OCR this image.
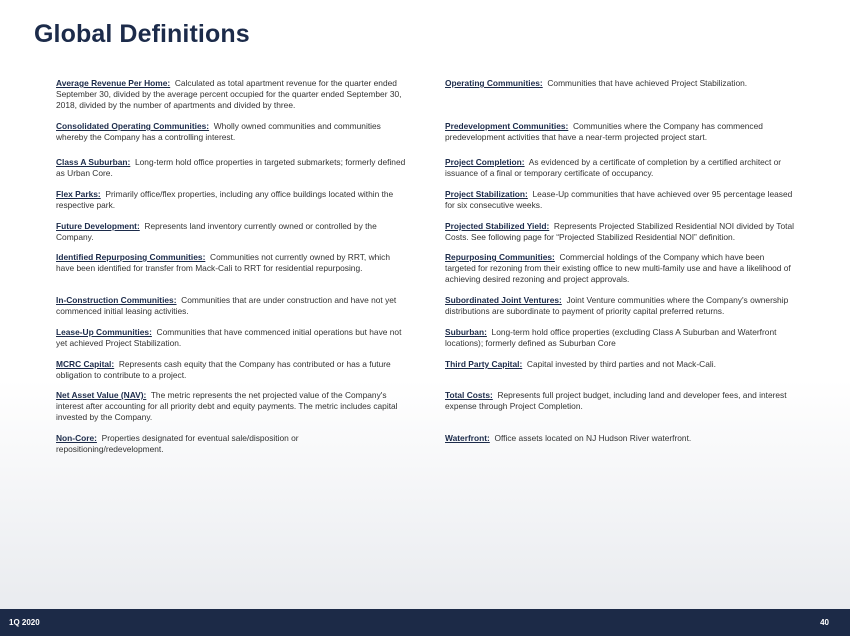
Global Definitions
Average Revenue Per Home: Calculated as total apartment revenue for the quarter ended September 30, divided by the average percent occupied for the quarter ended September 30, 2018, divided by the number of apartments and divided by three.
Consolidated Operating Communities: Wholly owned communities and communities whereby the Company has a controlling interest.
Class A Suburban: Long-term hold office properties in targeted submarkets; formerly defined as Urban Core.
Flex Parks: Primarily office/flex properties, including any office buildings located within the respective park.
Future Development: Represents land inventory currently owned or controlled by the Company.
Identified Repurposing Communities: Communities not currently owned by RRT, which have been identified for transfer from Mack-Cali to RRT for residential repurposing.
In-Construction Communities: Communities that are under construction and have not yet commenced initial leasing activities.
Lease-Up Communities: Communities that have commenced initial operations but have not yet achieved Project Stabilization.
MCRC Capital: Represents cash equity that the Company has contributed or has a future obligation to contribute to a project.
Net Asset Value (NAV): The metric represents the net projected value of the Company's interest after accounting for all priority debt and equity payments. The metric includes capital invested by the Company.
Non-Core: Properties designated for eventual sale/disposition or repositioning/redevelopment.
Operating Communities: Communities that have achieved Project Stabilization.
Predevelopment Communities: Communities where the Company has commenced predevelopment activities that have a near-term projected project start.
Project Completion: As evidenced by a certificate of completion by a certified architect or issuance of a final or temporary certificate of occupancy.
Project Stabilization: Lease-Up communities that have achieved over 95 percentage leased for six consecutive weeks.
Projected Stabilized Yield: Represents Projected Stabilized Residential NOI divided by Total Costs. See following page for “Projected Stabilized Residential NOI” definition.
Repurposing Communities: Commercial holdings of the Company which have been targeted for rezoning from their existing office to new multi-family use and have a likelihood of achieving desired rezoning and project approvals.
Subordinated Joint Ventures: Joint Venture communities where the Company's ownership distributions are subordinate to payment of priority capital preferred returns.
Suburban: Long-term hold office properties (excluding Class A Suburban and Waterfront locations); formerly defined as Suburban Core
Third Party Capital: Capital invested by third parties and not Mack-Cali.
Total Costs: Represents full project budget, including land and developer fees, and interest expense through Project Completion.
Waterfront: Office assets located on NJ Hudson River waterfront.
1Q 2020	40
